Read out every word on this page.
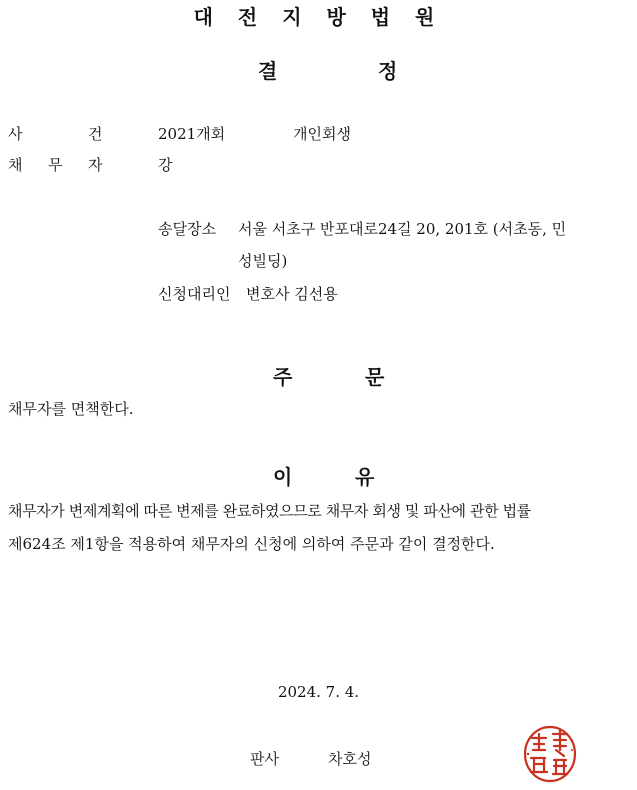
대 전 지 방 법 원
결	정
사	건	2021개회	개인회생
채 무 자	강
송달장소 서울 서초구 반포대로24길 20, 201호 (서초동, 민
성빌딩)
신청대리인 변호사 김선용
주	문
채무자를 면책한다.
이	유
채무자가 변제계획에 따른 변제를 완료하였으므로 채무자 회생 및 파산에 관한 법률
제624조 제1항을 적용하여 채무자의 신청에 의하여 주문과 같이 결정한다.
2024. 7. 4.
판사	차호성
